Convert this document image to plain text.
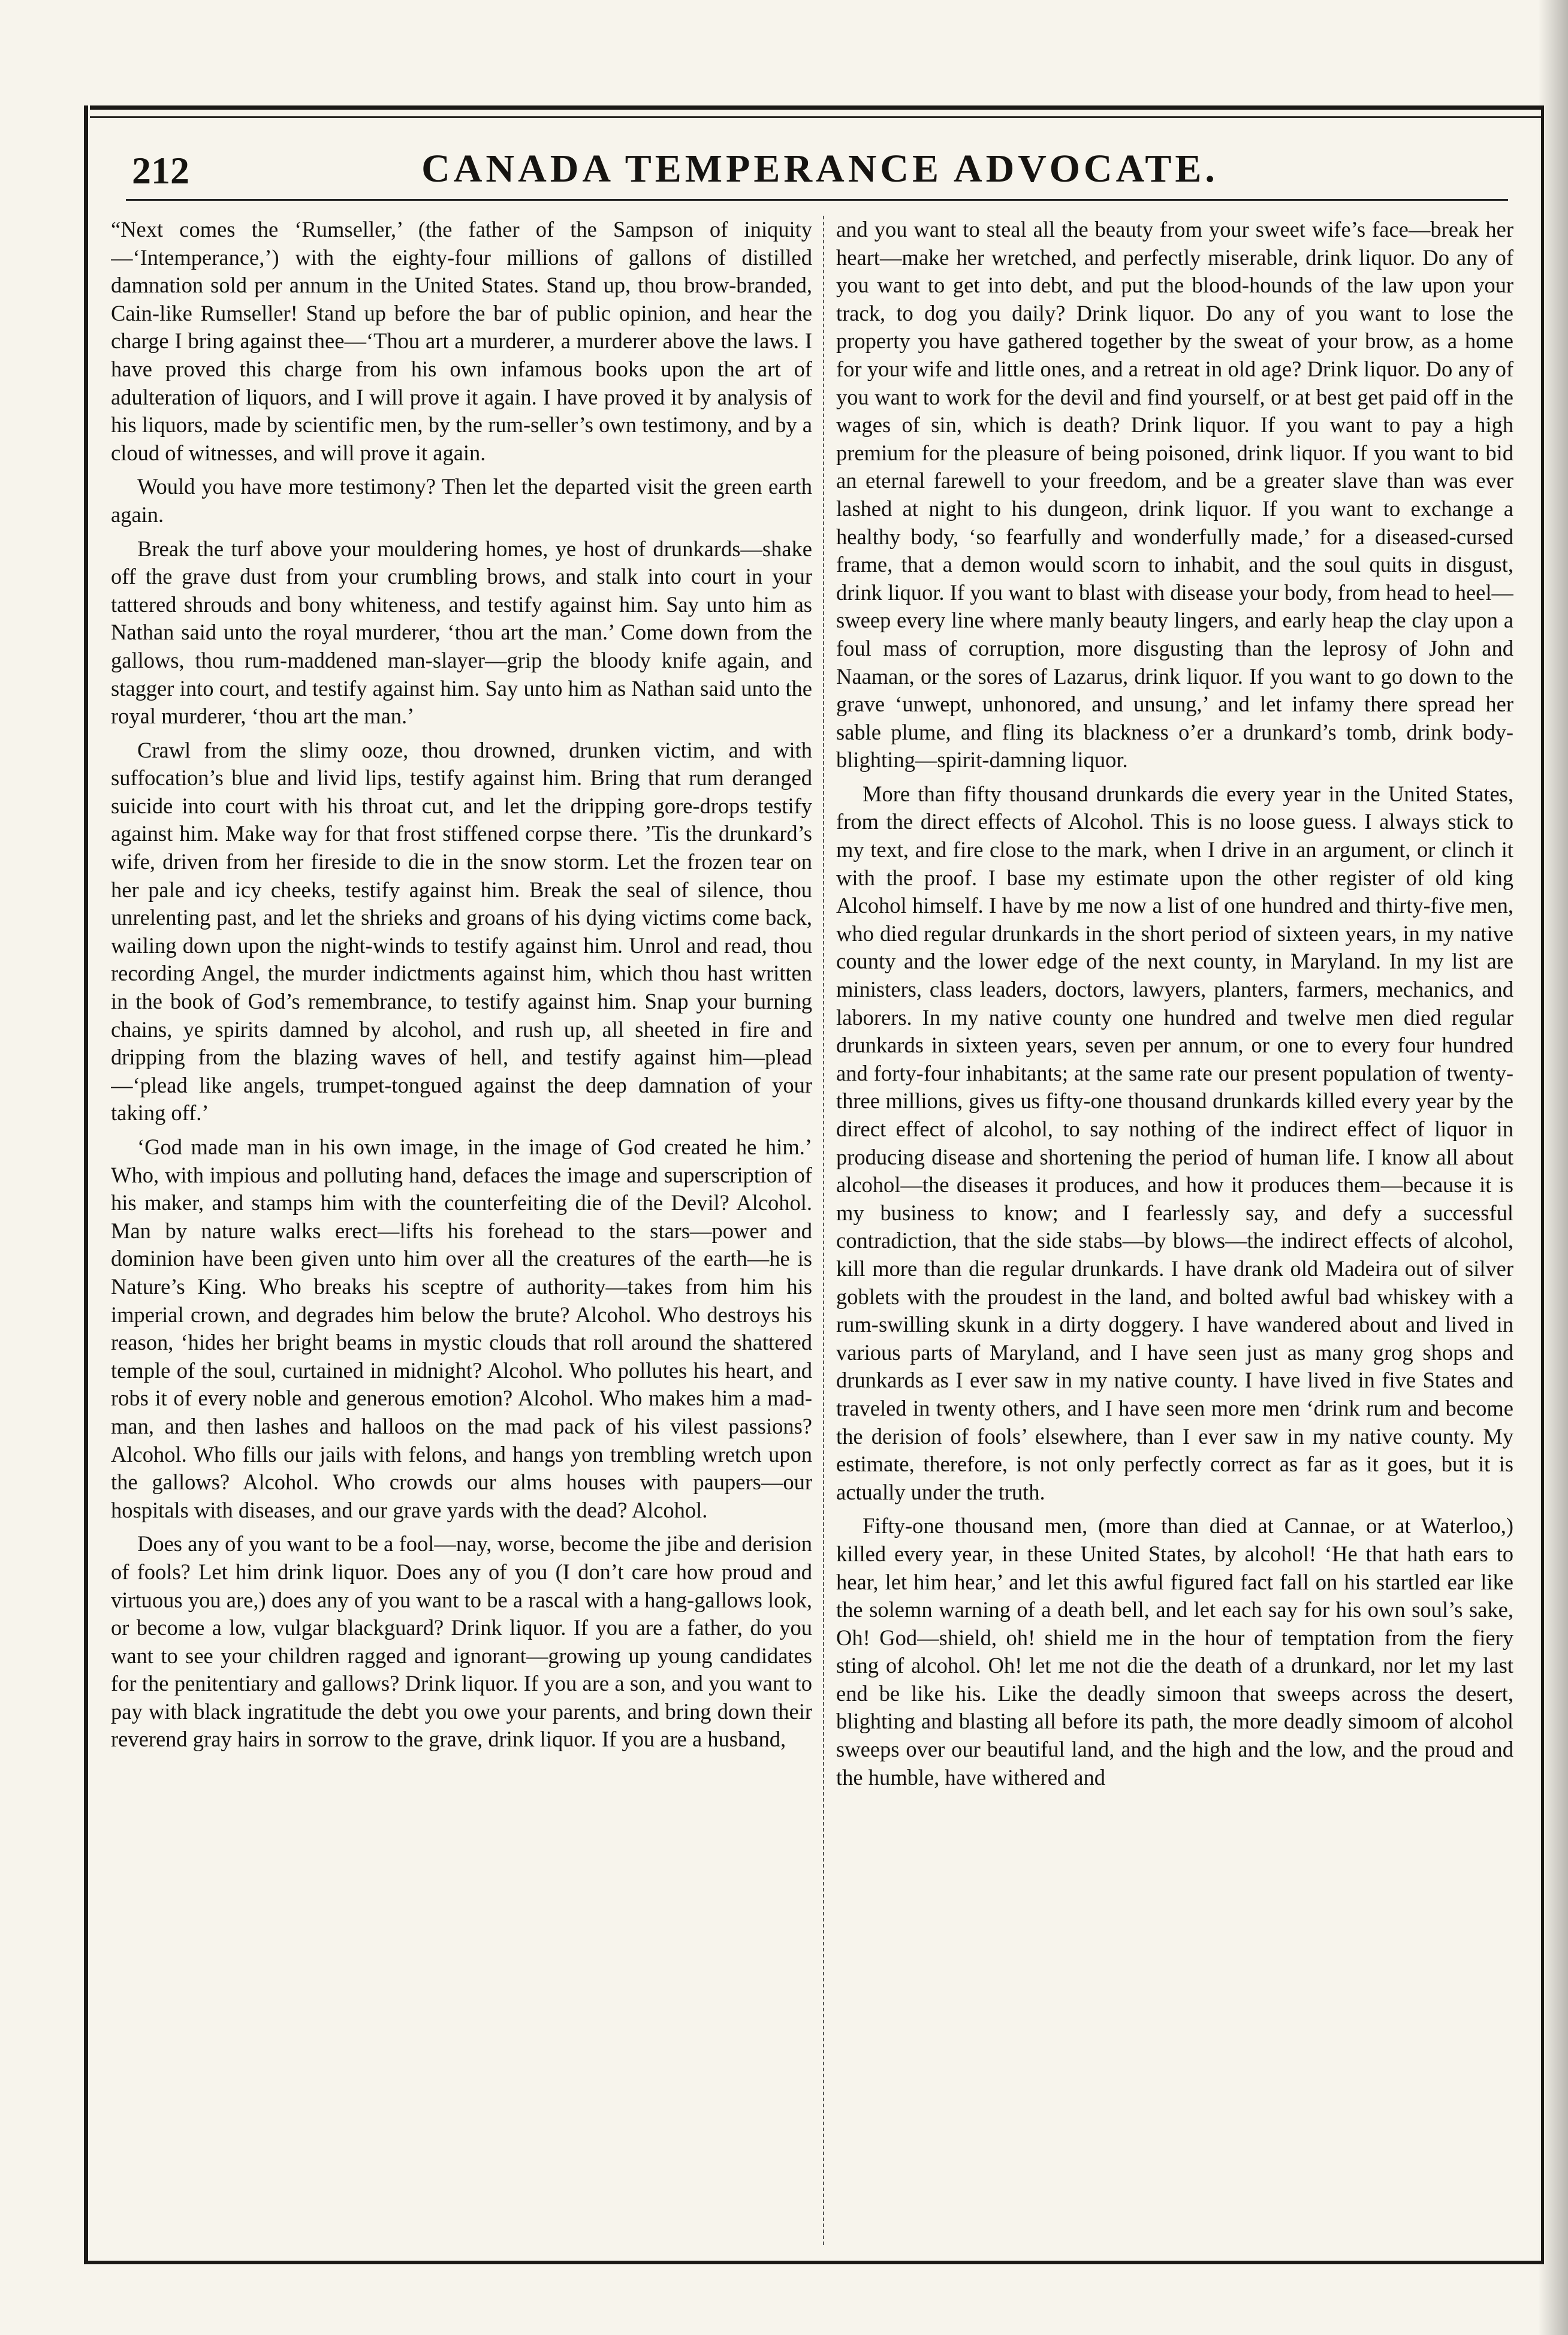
212	CANADA TEMPERANCE ADVOCATE.

“Next comes the ‘Rumseller,’ (the father of the Sampson of iniquity—‘Intemperance,’) with the eighty-four millions of gallons of distilled damnation sold per annum in the United States. Stand up, thou brow-branded, Cain-like Rumseller! Stand up before the bar of public opinion, and hear the charge I bring against thee—‘Thou art a murderer, a murderer above the laws. I have proved this charge from his own infamous books upon the art of adulteration of liquors, and I will prove it again. I have proved it by analysis of his liquors, made by scientific men, by the rum-seller’s own testimony, and by a cloud of witnesses, and will prove it again.

Would you have more testimony? Then let the departed visit the green earth again.

Break the turf above your mouldering homes, ye host of drunkards—shake off the grave dust from your crumbling brows, and stalk into court in your tattered shrouds and bony whiteness, and testify against him. Say unto him as Nathan said unto the royal murderer, ‘thou art the man.’ Come down from the gallows, thou rum-maddened man-slayer—grip the bloody knife again, and stagger into court, and testify against him. Say unto him as Nathan said unto the royal murderer, ‘thou art the man.’

Crawl from the slimy ooze, thou drowned, drunken victim, and with suffocation’s blue and livid lips, testify against him. Bring that rum deranged suicide into court with his throat cut, and let the dripping gore-drops testify against him. Make way for that frost stiffened corpse there. ’Tis the drunkard’s wife, driven from her fireside to die in the snow storm. Let the frozen tear on her pale and icy cheeks, testify against him. Break the seal of silence, thou unrelenting past, and let the shrieks and groans of his dying victims come back, wailing down upon the night-winds to testify against him. Unrol and read, thou recording Angel, the murder indictments against him, which thou hast written in the book of God’s remembrance, to testify against him. Snap your burning chains, ye spirits damned by alcohol, and rush up, all sheeted in fire and dripping from the blazing waves of hell, and testify against him—plead—‘plead like angels, trumpet-tongued against the deep damnation of your taking off.’

‘God made man in his own image, in the image of God created he him.’ Who, with impious and polluting hand, defaces the image and superscription of his maker, and stamps him with the counterfeiting die of the Devil? Alcohol. Man by nature walks erect—lifts his forehead to the stars—power and dominion have been given unto him over all the creatures of the earth—he is Nature’s King. Who breaks his sceptre of authority—takes from him his imperial crown, and degrades him below the brute? Alcohol. Who destroys his reason, ‘hides her bright beams in mystic clouds that roll around the shattered temple of the soul, curtained in midnight? Alcohol. Who pollutes his heart, and robs it of every noble and generous emotion? Alcohol. Who makes him a mad-man, and then lashes and halloos on the mad pack of his vilest passions? Alcohol. Who fills our jails with felons, and hangs yon trembling wretch upon the gallows? Alcohol. Who crowds our alms houses with paupers—our hospitals with diseases, and our grave yards with the dead? Alcohol.

Does any of you want to be a fool—nay, worse, become the jibe and derision of fools? Let him drink liquor. Does any of you (I don’t care how proud and virtuous you are,) does any of you want to be a rascal with a hang-gallows look, or become a low, vulgar blackguard? Drink liquor. If you are a father, do you want to see your children ragged and ignorant—growing up young candidates for the penitentiary and gallows? Drink liquor. If you are a son, and you want to pay with black ingratitude the debt you owe your parents, and bring down their reverend gray hairs in sorrow to the grave, drink liquor. If you are a husband,

and you want to steal all the beauty from your sweet wife’s face—break her heart—make her wretched, and perfectly miserable, drink liquor. Do any of you want to get into debt, and put the blood-hounds of the law upon your track, to dog you daily? Drink liquor. Do any of you want to lose the property you have gathered together by the sweat of your brow, as a home for your wife and little ones, and a retreat in old age? Drink liquor. Do any of you want to work for the devil and find yourself, or at best get paid off in the wages of sin, which is death? Drink liquor. If you want to pay a high premium for the pleasure of being poisoned, drink liquor. If you want to bid an eternal farewell to your freedom, and be a greater slave than was ever lashed at night to his dungeon, drink liquor. If you want to exchange a healthy body, ‘so fearfully and wonderfully made,’ for a diseased-cursed frame, that a demon would scorn to inhabit, and the soul quits in disgust, drink liquor. If you want to blast with disease your body, from head to heel—sweep every line where manly beauty lingers, and early heap the clay upon a foul mass of corruption, more disgusting than the leprosy of John and Naaman, or the sores of Lazarus, drink liquor. If you want to go down to the grave ‘unwept, unhonored, and unsung,’ and let infamy there spread her sable plume, and fling its blackness o’er a drunkard’s tomb, drink body-blighting—spirit-damning liquor.

More than fifty thousand drunkards die every year in the United States, from the direct effects of Alcohol. This is no loose guess. I always stick to my text, and fire close to the mark, when I drive in an argument, or clinch it with the proof. I base my estimate upon the other register of old king Alcohol himself. I have by me now a list of one hundred and thirty-five men, who died regular drunkards in the short period of sixteen years, in my native county and the lower edge of the next county, in Maryland. In my list are ministers, class leaders, doctors, lawyers, planters, farmers, mechanics, and laborers. In my native county one hundred and twelve men died regular drunkards in sixteen years, seven per annum, or one to every four hundred and forty-four inhabitants; at the same rate our present population of twenty-three millions, gives us fifty-one thousand drunkards killed every year by the direct effect of alcohol, to say nothing of the indirect effect of liquor in producing disease and shortening the period of human life. I know all about alcohol—the diseases it produces, and how it produces them—because it is my business to know; and I fearlessly say, and defy a successful contradiction, that the side stabs—by blows—the indirect effects of alcohol, kill more than die regular drunkards. I have drank old Madeira out of silver goblets with the proudest in the land, and bolted awful bad whiskey with a rum-swilling skunk in a dirty doggery. I have wandered about and lived in various parts of Maryland, and I have seen just as many grog shops and drunkards as I ever saw in my native county. I have lived in five States and traveled in twenty others, and I have seen more men ‘drink rum and become the derision of fools’ elsewhere, than I ever saw in my native county. My estimate, therefore, is not only perfectly correct as far as it goes, but it is actually under the truth.

Fifty-one thousand men, (more than died at Cannae, or at Waterloo,) killed every year, in these United States, by alcohol! ‘He that hath ears to hear, let him hear,’ and let this awful figured fact fall on his startled ear like the solemn warning of a death bell, and let each say for his own soul’s sake, Oh! God—shield, oh! shield me in the hour of temptation from the fiery sting of alcohol. Oh! let me not die the death of a drunkard, nor let my last end be like his. Like the deadly simoon that sweeps across the desert, blighting and blasting all before its path, the more deadly simoom of alcohol sweeps over our beautiful land, and the high and the low, and the proud and the humble, have withered and
